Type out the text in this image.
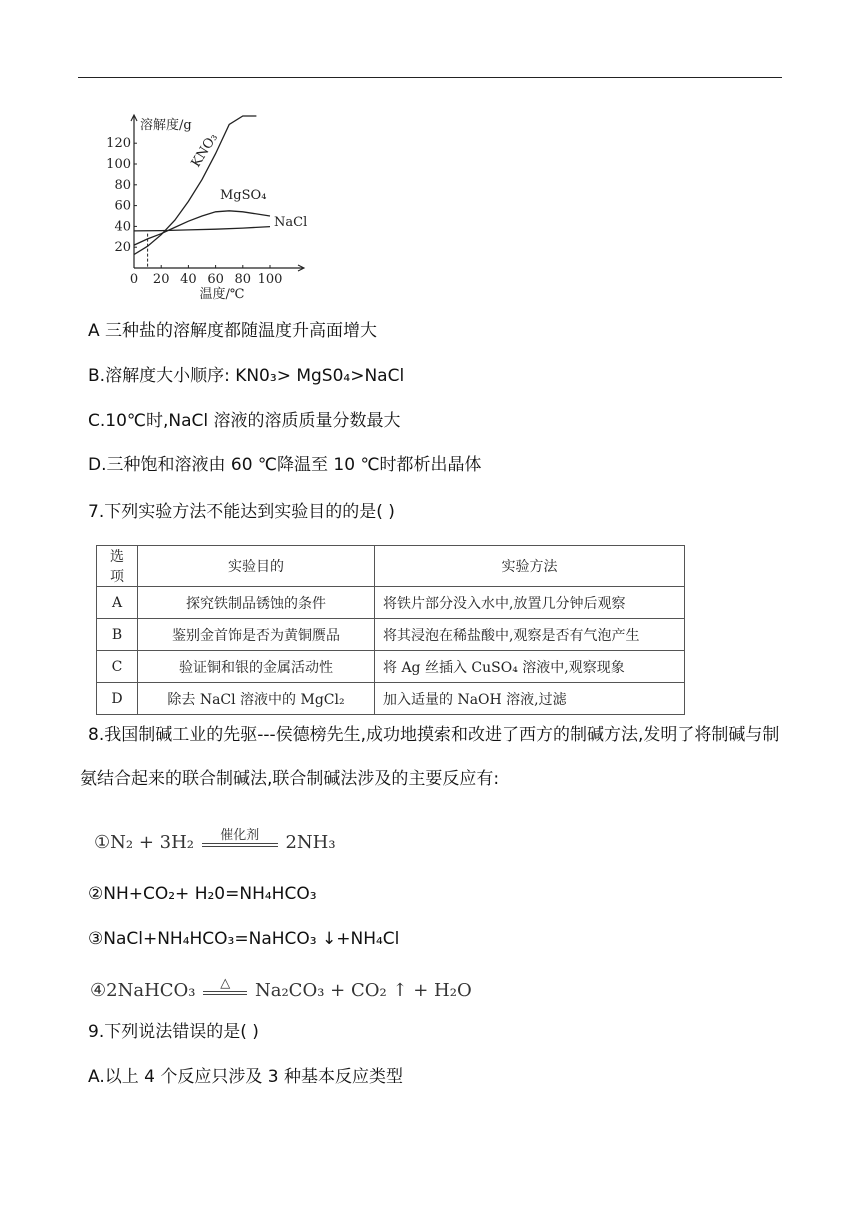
0 20 40 60 80 100
20
40
60
80
100
120
溶解度/g
温度/℃
KNO₃
MgSO₄
NaCl
A 三种盐的溶解度都随温度升高面增大
B.溶解度大小顺序: KN0₃> MgS0₄>NaCl
C.10℃时,NaCl 溶液的溶质质量分数最大
D.三种饱和溶液由 60 ℃降温至 10 ℃时都析出晶体
7.下列实验方法不能达到实验目的的是( )
选项	实验目的	实验方法
A	探究铁制品锈蚀的条件	将铁片部分没入水中,放置几分钟后观察
B	鉴别金首饰是否为黄铜赝品	将其浸泡在稀盐酸中,观察是否有气泡产生
C	验证铜和银的金属活动性	将 Ag 丝插入 CuSO₄ 溶液中,观察现象
D	除去 NaCl 溶液中的 MgCl₂	加入适量的 NaOH 溶液,过滤
8.我国制碱工业的先驱---侯德榜先生,成功地摸索和改进了西方的制碱方法,发明了将制碱与制氨结合起来的联合制碱法,联合制碱法涉及的主要反应有:
①N₂ + 3H₂	催化剂	2NH₃
②NH+CO₂+ H₂0=NH₄HCO₃
③NaCl+NH₄HCO₃=NaHCO₃ ↓+NH₄Cl
④2NaHCO₃	△	Na₂CO₃ + CO₂ ↑ + H₂O
9.下列说法错误的是( )
A.以上 4 个反应只涉及 3 种基本反应类型
